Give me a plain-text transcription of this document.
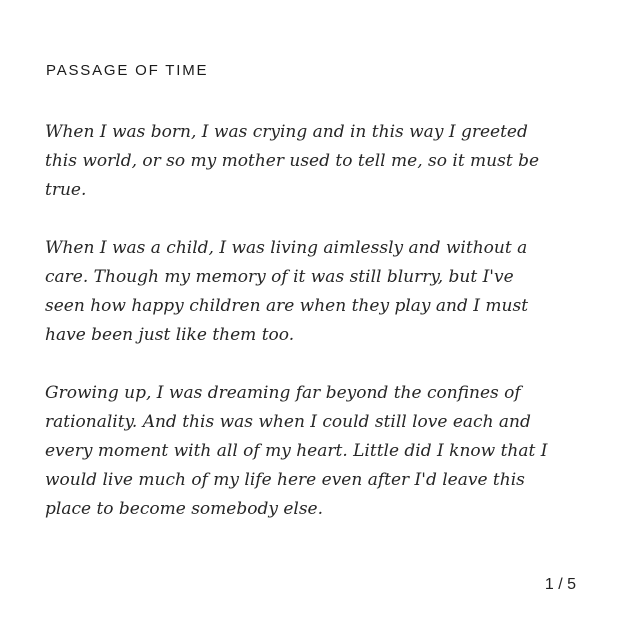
PASSAGE OF TIME

When I was born, I was crying and in this way I greeted
this world, or so my mother used to tell me, so it must be
true.

When I was a child, I was living aimlessly and without a
care. Though my memory of it was still blurry, but I've
seen how happy children are when they play and I must
have been just like them too.

Growing up, I was dreaming far beyond the confines of
rationality. And this was when I could still love each and
every moment with all of my heart. Little did I know that I
would live much of my life here even after I'd leave this
place to become somebody else.

1 / 5
